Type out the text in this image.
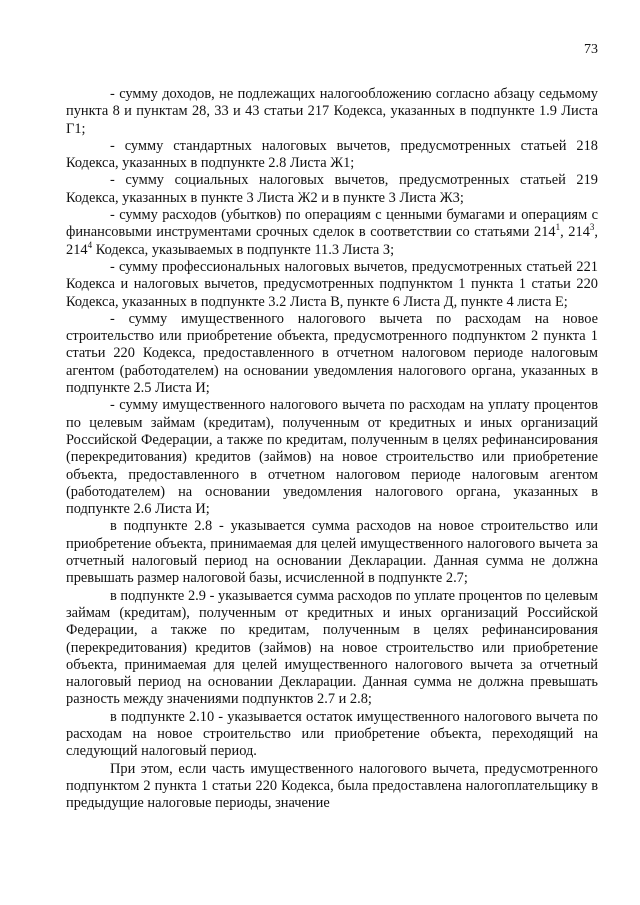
73

- сумму доходов, не подлежащих налогообложению согласно абзацу седьмому пункта 8 и пунктам 28, 33 и 43 статьи 217 Кодекса, указанных в подпункте 1.9 Листа Г1;

- сумму стандартных налоговых вычетов, предусмотренных статьей 218 Кодекса, указанных в подпункте 2.8 Листа Ж1;

- сумму социальных налоговых вычетов, предусмотренных статьей 219 Кодекса, указанных в пункте 3 Листа Ж2 и в пункте 3 Листа Ж3;

- сумму расходов (убытков) по операциям с ценными бумагами и операциям с финансовыми инструментами срочных сделок в соответствии со статьями $214^1$, $214^3$, $214^4$ Кодекса, указываемых в подпункте 11.3 Листа З;

- сумму профессиональных налоговых вычетов, предусмотренных статьей 221 Кодекса и налоговых вычетов, предусмотренных подпунктом 1 пункта 1 статьи 220 Кодекса, указанных в подпункте 3.2 Листа В, пункте 6 Листа Д, пункте 4 листа Е;

- сумму имущественного налогового вычета по расходам на новое строительство или приобретение объекта, предусмотренного подпунктом 2 пункта 1 статьи 220 Кодекса, предоставленного в отчетном налоговом периоде налоговым агентом (работодателем) на основании уведомления налогового органа, указанных в подпункте 2.5 Листа И;

- сумму имущественного налогового вычета по расходам на уплату процентов по целевым займам (кредитам), полученным от кредитных и иных организаций Российской Федерации, а также по кредитам, полученным в целях рефинансирования (перекредитования) кредитов (займов) на новое строительство или приобретение объекта, предоставленного в отчетном налоговом периоде налоговым агентом (работодателем) на основании уведомления налогового органа, указанных в подпункте 2.6 Листа И;

в подпункте 2.8 - указывается сумма расходов на новое строительство или приобретение объекта, принимаемая для целей имущественного налогового вычета за отчетный налоговый период на основании Декларации. Данная сумма не должна превышать размер налоговой базы, исчисленной в подпункте 2.7;

в подпункте 2.9 - указывается сумма расходов по уплате процентов по целевым займам (кредитам), полученным от кредитных и иных организаций Российской Федерации, а также по кредитам, полученным в целях рефинансирования (перекредитования) кредитов (займов) на новое строительство или приобретение объекта, принимаемая для целей имущественного налогового вычета за отчетный налоговый период на основании Декларации. Данная сумма не должна превышать разность между значениями подпунктов 2.7 и 2.8;

в подпункте 2.10 - указывается остаток имущественного налогового вычета по расходам на новое строительство или приобретение объекта, переходящий на следующий налоговый период.

При этом, если часть имущественного налогового вычета, предусмотренного подпунктом 2 пункта 1 статьи 220 Кодекса, была предоставлена налогоплательщику в предыдущие налоговые периоды, значение
